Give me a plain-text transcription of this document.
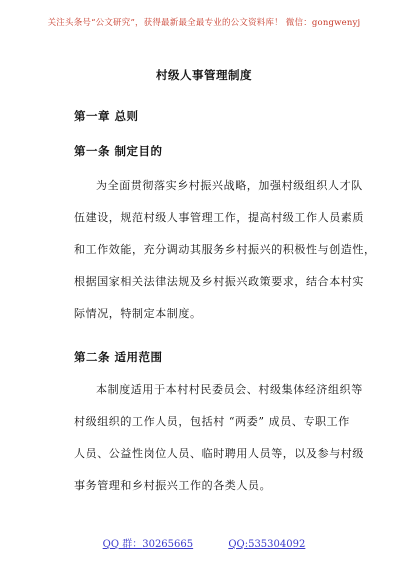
关注头条号“公文研究”，获得最新最全最专业的公文资料库！ 微信：gongwenyj
村级人事管理制度
第一章 总则
第一条 制定目的
为全面贯彻落实乡村振兴战略，加强村级组织人才队
伍建设，规范村级人事管理工作，提高村级工作人员素质
和工作效能，充分调动其服务乡村振兴的积极性与创造性，
根据国家相关法律法规及乡村振兴政策要求，结合本村实
际情况，特制定本制度。
第二条 适用范围
本制度适用于本村村民委员会、村级集体经济组织等
村级组织的工作人员，包括村 “两委” 成员、专职工作
人员、公益性岗位人员、临时聘用人员等，以及参与村级
事务管理和乡村振兴工作的各类人员。
QQ 群：30265665	QQ:535304092
